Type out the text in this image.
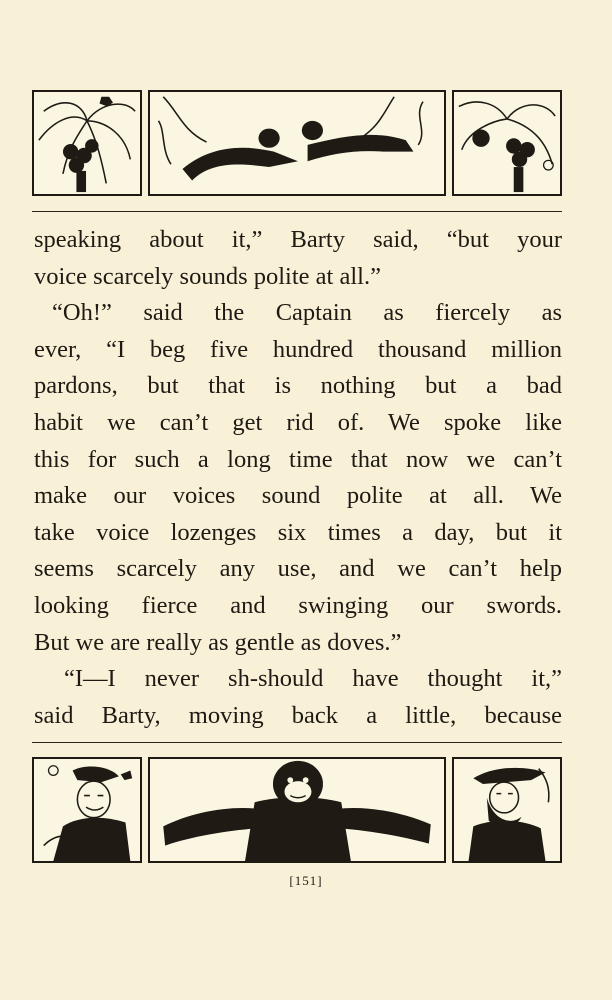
speaking about it,” Barty said, “but your
voice scarcely sounds polite at all.”
“Oh!” said the Captain as fiercely as
ever, “I beg five hundred thousand million
pardons, but that is nothing but a bad
habit we can’t get rid of. We spoke like
this for such a long time that now we can’t
make our voices sound polite at all. We
take voice lozenges six times a day, but it
seems scarcely any use, and we can’t help
looking fierce and swinging our swords.
But we are really as gentle as doves.”
“I—I never sh-should have thought it,”
said Barty, moving back a little, because
[151]
